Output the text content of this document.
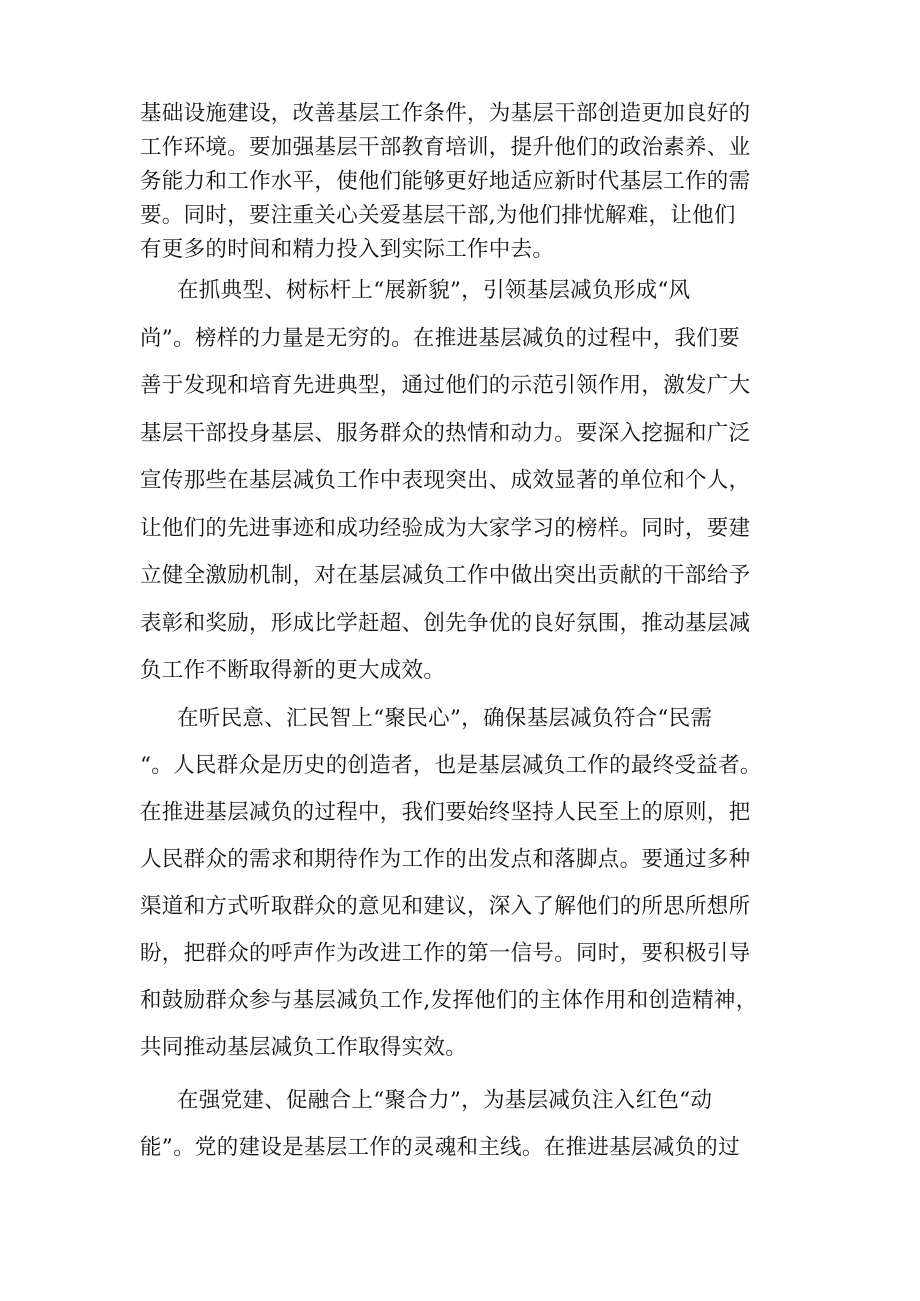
基础设施建设，改善基层工作条件，为基层干部创造更加良好的
工作环境。要加强基层干部教育培训，提升他们的政治素养、业
务能力和工作水平，使他们能够更好地适应新时代基层工作的需
要。同时，要注重关心关爱基层干部,为他们排忧解难，让他们
有更多的时间和精力投入到实际工作中去。
在抓典型、树标杆上“展新貌”，引领基层减负形成“风
尚”。榜样的力量是无穷的。在推进基层减负的过程中，我们要
善于发现和培育先进典型，通过他们的示范引领作用，激发广大
基层干部投身基层、服务群众的热情和动力。要深入挖掘和广泛
宣传那些在基层减负工作中表现突出、成效显著的单位和个人，
让他们的先进事迹和成功经验成为大家学习的榜样。同时，要建
立健全激励机制，对在基层减负工作中做出突出贡献的干部给予
表彰和奖励，形成比学赶超、创先争优的良好氛围，推动基层减
负工作不断取得新的更大成效。
在听民意、汇民智上“聚民心”，确保基层减负符合“民需
“。人民群众是历史的创造者，也是基层减负工作的最终受益者。
在推进基层减负的过程中，我们要始终坚持人民至上的原则，把
人民群众的需求和期待作为工作的出发点和落脚点。要通过多种
渠道和方式听取群众的意见和建议，深入了解他们的所思所想所
盼，把群众的呼声作为改进工作的第一信号。同时，要积极引导
和鼓励群众参与基层减负工作,发挥他们的主体作用和创造精神，
共同推动基层减负工作取得实效。
在强党建、促融合上“聚合力”，为基层减负注入红色“动
能”。党的建设是基层工作的灵魂和主线。在推进基层减负的过
